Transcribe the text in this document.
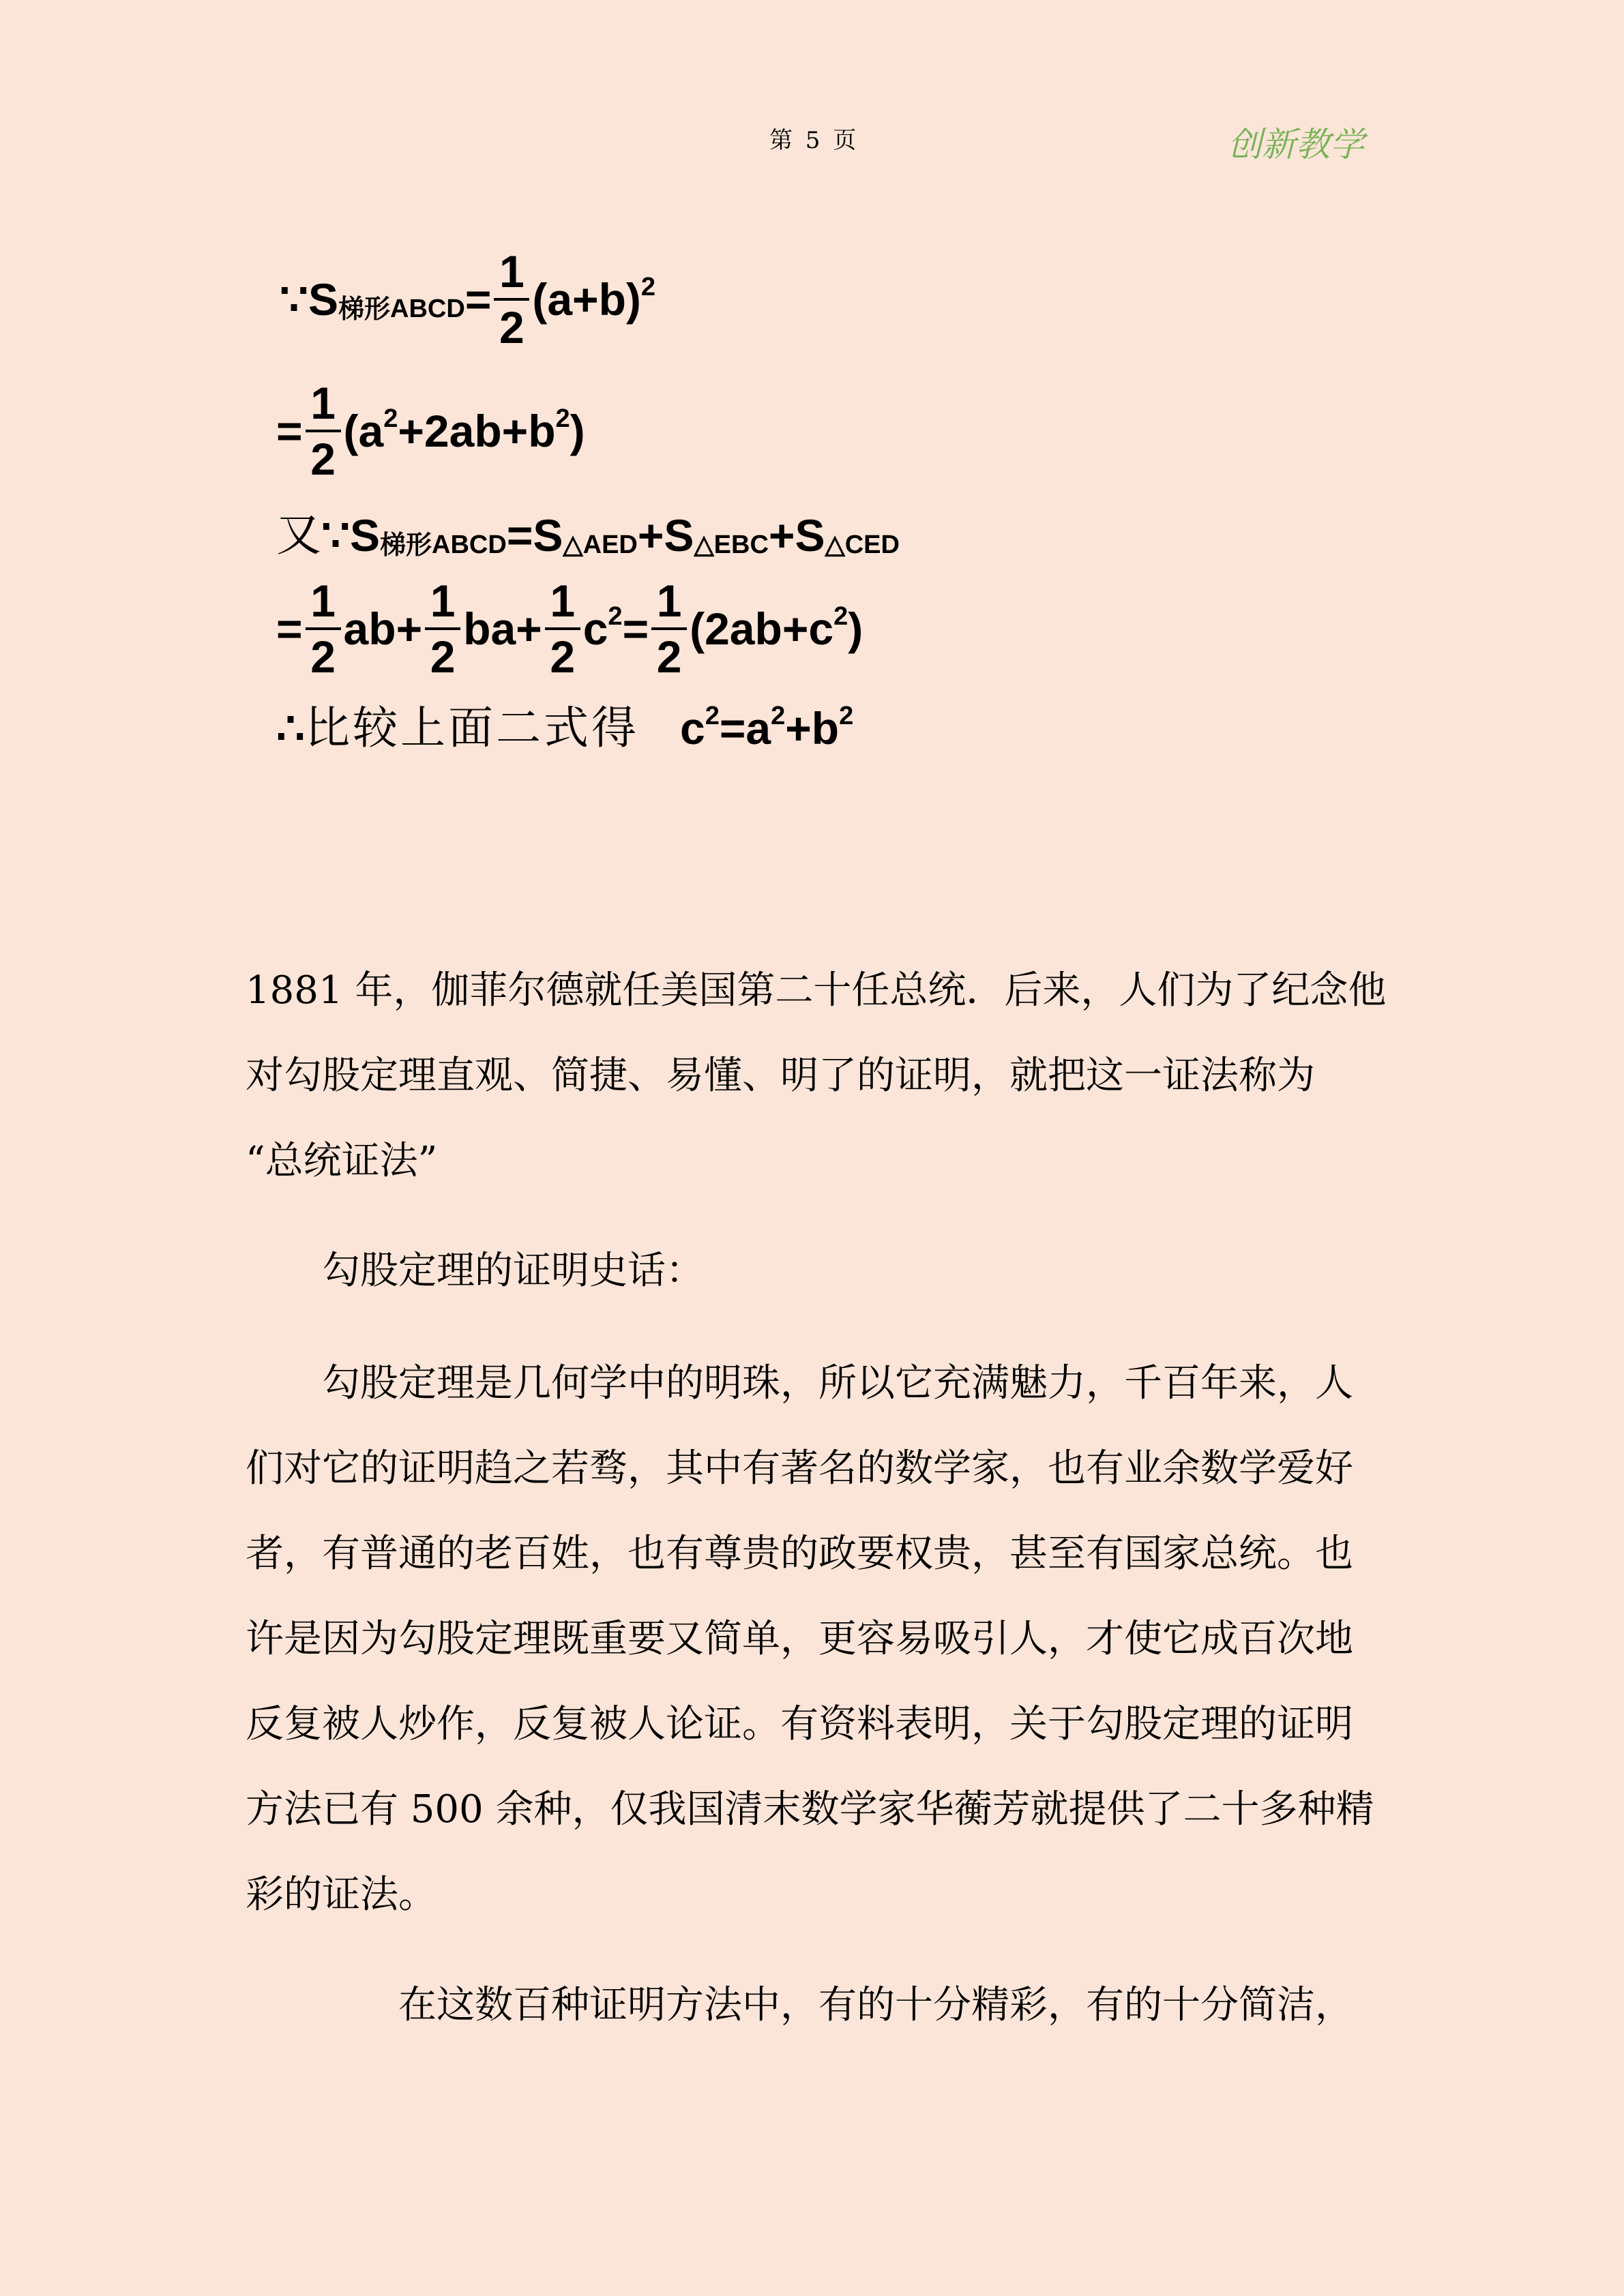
第 5 页	创新教学
∵ S 梯形 ABCD = $\frac{1}{2} (a+b)$ 2
= $\frac{1}{2} (a$ 2 +2ab+b 2 )
又 ∵ S 梯形 ABCD = S △AED + S △EBC + S △CED
= $\frac{1}{2} ab+ \frac{1}{2} ba+ \frac{1}{2}$ c $2 = \frac{1}{2} (2ab+c$ 2 )
∴ 比较上面二式得 c 2 =a 2 +b 2
1881 年，伽菲尔德就任美国第二十任总统．后来，人们为了纪念他
对勾股定理直观、简捷、易懂、明了的证明，就把这一证法称为
“总统证法”
勾股定理的证明史话：
勾股定理是几何学中的明珠，所以它充满魅力，千百年来，人
们对它的证明趋之若骛，其中有著名的数学家，也有业余数学爱好
者，有普通的老百姓，也有尊贵的政要权贵，甚至有国家总统。也
许是因为勾股定理既重要又简单，更容易吸引人，才使它成百次地
反复被人炒作，反复被人论证。有资料表明，关于勾股定理的证明
方法已有 500 余种，仅我国清末数学家华蘅芳就提供了二十多种精
彩的证法。
在这数百种证明方法中，有的十分精彩，有的十分简洁，
